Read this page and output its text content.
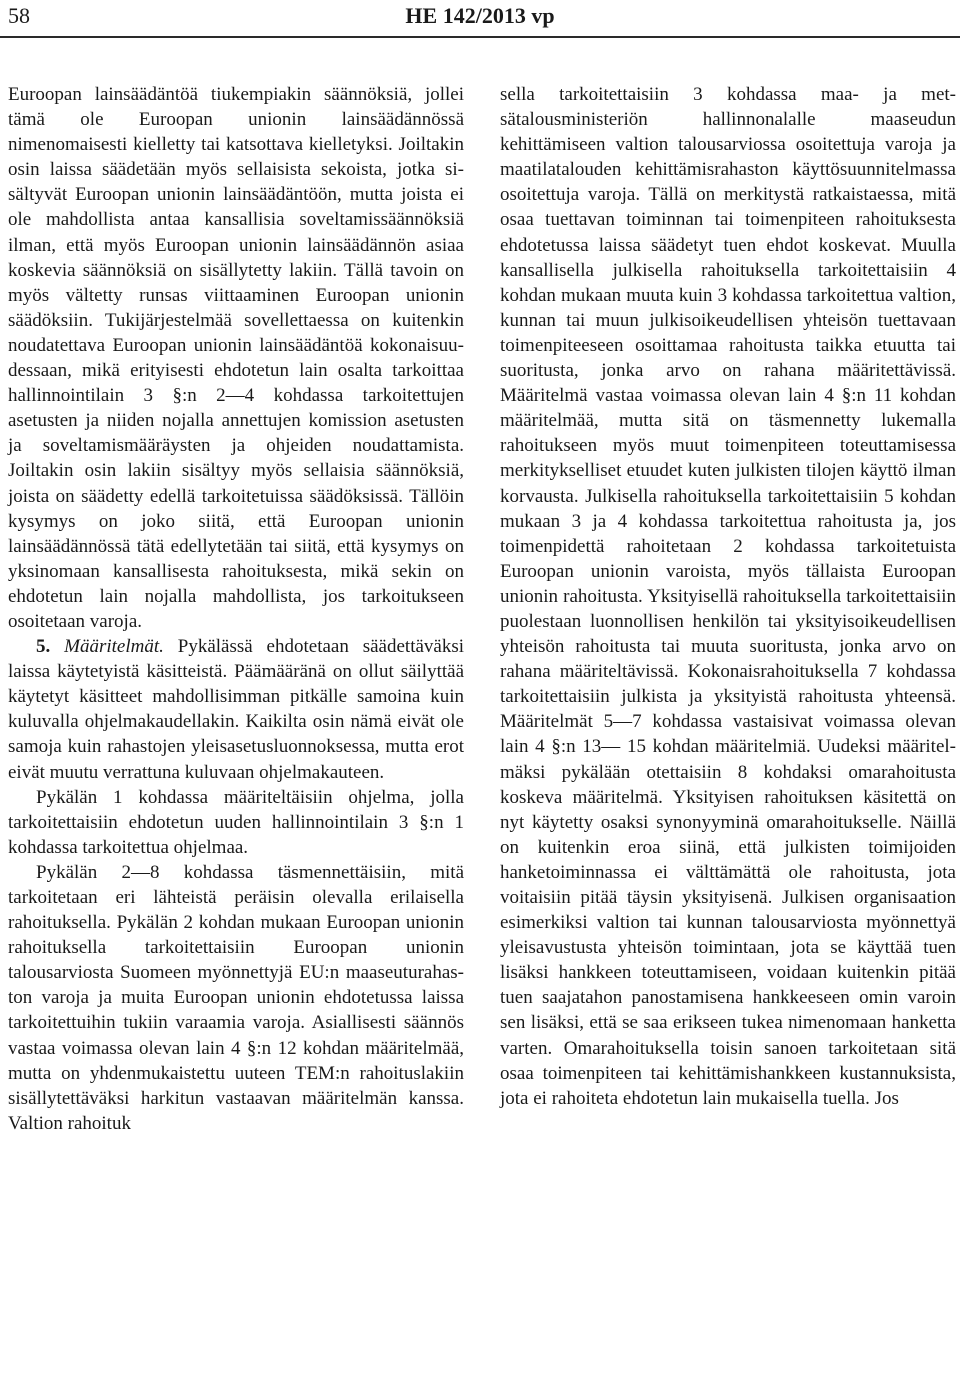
58	HE 142/2013 vp

Euroopan lainsäädäntöä tiukempiakin säännöksiä, jollei tämä ole Euroopan unionin lainsäädännössä nimenomaisesti kielletty tai katsottava kielletyksi. Joiltakin osin laissa säädetään myös sellaisista sekoista, jotka sisältyvät Euroopan unionin lainsäädäntöön, mutta joista ei ole mahdollista antaa kansallisia soveltamissäännöksiä ilman, että myös Euroopan unionin lainsäädännön asiaa koskevia säännöksiä on sisällytetty lakiin. Tällä tavoin on myös vältetty runsas viittaaminen Euroopan unionin säädöksiin. Tukijärjestelmää sovellettaessa on kuitenkin noudatettava Euroopan unionin lainsäädäntöä kokonaisuudessaan, mikä erityisesti ehdotetun lain osalta tarkoittaa hallinnointilain 3 §:n 2—4 kohdassa tarkoitettujen asetusten ja niiden nojalla annettujen komission asetusten ja soveltamismääräysten ja ohjeiden noudattamista. Joiltakin osin lakiin sisältyy myös sellaisia säännöksiä, joista on säädetty edellä tarkoitetuissa säädöksissä. Tällöin kysymys on joko siitä, että Euroopan unionin lainsäädännössä tätä edellytetään tai siitä, että kysymys on yksinomaan kansallisesta rahoituksesta, mikä sekin on ehdotetun lain nojalla mahdollista, jos tarkoitukseen osoitetaan varoja.

5. Määritelmät. Pykälässä ehdotetaan säädettäväksi laissa käytetyistä käsitteistä. Päämääränä on ollut säilyttää käytetyt käsitteet mahdollisimman pitkälle samoina kuin kuluvalla ohjelmakaudellakin. Kaikilta osin nämä eivät ole samoja kuin rahastojen yleisasetusluonnoksessa, mutta erot eivät muutu verrattuna kuluvaan ohjelmakauteen.

Pykälän 1 kohdassa määriteltäisiin ohjelma, jolla tarkoitettaisiin ehdotetun uuden hallinnointilain 3 §:n 1 kohdassa tarkoitettua ohjelmaa.

Pykälän 2—8 kohdassa täsmennettäisiin, mitä tarkoitetaan eri lähteistä peräisin olevalla erilaisella rahoituksella. Pykälän 2 kohdan mukaan Euroopan unionin rahoituksella tarkoitettaisiin Euroopan unionin talousarviosta Suomeen myönnettyjä EU:n maaseuturahaston varoja ja muita Euroopan unionin ehdotetussa laissa tarkoitettuihin tukiin varaamia varoja. Asiallisesti säännös vastaa voimassa olevan lain 4 §:n 12 kohdan määritelmää, mutta on yhdenmukaistettu uuteen TEM:n rahoituslakiin sisällytettäväksi harkitun vastaavan määritelmän kanssa. Valtion rahoituk

sella tarkoitettaisiin 3 kohdassa maa- ja metsätalousministeriön hallinnonalalle maaseudun kehittämiseen valtion talousarviossa osoitettuja varoja ja maatilatalouden kehittämisrahaston käyttösuunnitelmassa osoitettuja varoja. Tällä on merkitystä ratkaistaessa, mitä osaa tuettavan toiminnan tai toimenpiteen rahoituksesta ehdotetussa laissa säädetyt tuen ehdot koskevat. Muulla kansallisella julkisella rahoituksella tarkoitettaisiin 4 kohdan mukaan muuta kuin 3 kohdassa tarkoitettua valtion, kunnan tai muun julkisoikeudellisen yhteisön tuettavaan toimenpiteeseen osoittamaa rahoitusta taikka etuutta tai suoritusta, jonka arvo on rahana määritettävissä. Määritelmä vastaa voimassa olevan lain 4 §:n 11 kohdan määritelmää, mutta sitä on täsmennetty lukemalla rahoitukseen myös muut toimenpiteen toteuttamisessa merkitykselliset etuudet kuten julkisten tilojen käyttö ilman korvausta. Julkisella rahoituksella tarkoitettaisiin 5 kohdan mukaan 3 ja 4 kohdassa tarkoitettua rahoitusta ja, jos toimenpidettä rahoitetaan 2 kohdassa tarkoitetuista Euroopan unionin varoista, myös tällaista Euroopan unionin rahoitusta. Yksityisellä rahoituksella tarkoitettaisiin puolestaan luonnollisen henkilön tai yksityisoikeudellisen yhteisön rahoitusta tai muuta suoritusta, jonka arvo on rahana määriteltävissä. Kokonaisrahoituksella 7 kohdassa tarkoitettaisiin julkista ja yksityistä rahoitusta yhteensä. Määritelmät 5—7 kohdassa vastaisivat voimassa olevan lain 4 §:n 13— 15 kohdan määritelmiä. Uudeksi määritelmäksi pykälään otettaisiin 8 kohdaksi omarahoitusta koskeva määritelmä. Yksityisen rahoituksen käsitettä on nyt käytetty osaksi synonyyminä omarahoitukselle. Näillä on kuitenkin eroa siinä, että julkisten toimijoiden hanketoiminnassa ei välttämättä ole rahoitusta, jota voitaisiin pitää täysin yksityisenä. Julkisen organisaation esimerkiksi valtion tai kunnan talousarviosta myönnettyä yleisavustusta yhteisön toimintaan, jota se käyttää tuen lisäksi hankkeen toteuttamiseen, voidaan kuitenkin pitää tuen saajatahon panostamisena hankkeeseen omin varoin sen lisäksi, että se saa erikseen tukea nimenomaan hanketta varten. Omarahoituksella toisin sanoen tarkoitetaan sitä osaa toimenpiteen tai kehittämishankkeen kustannuksista, jota ei rahoiteta ehdotetun lain mukaisella tuella. Jos
